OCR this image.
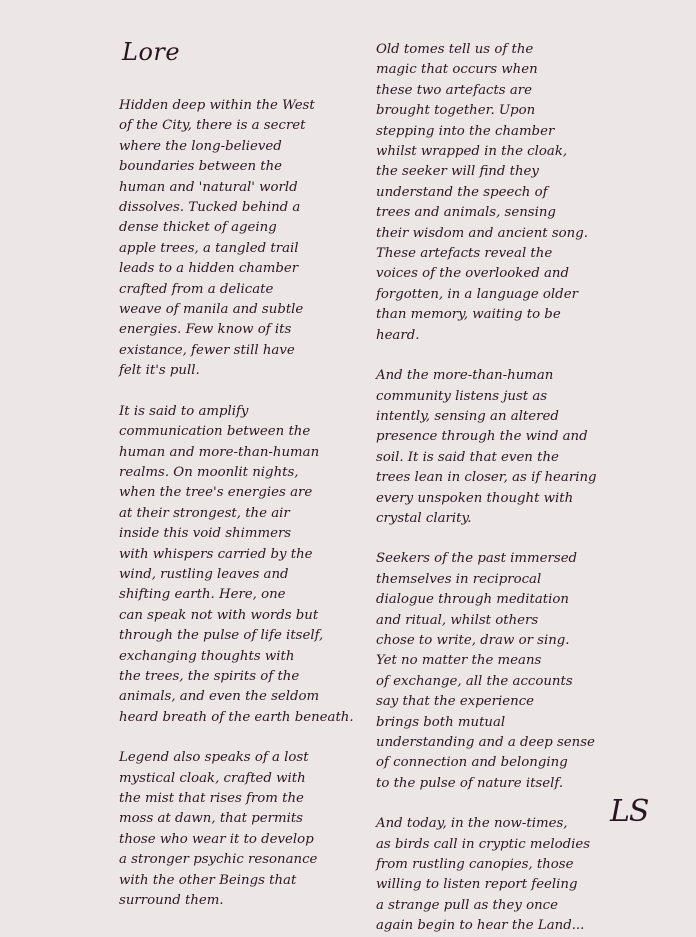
Lore

Hidden deep within the West
of the City, there is a secret
where the long-believed
boundaries between the
human and 'natural' world
dissolves. Tucked behind a
dense thicket of ageing
apple trees, a tangled trail
leads to a hidden chamber
crafted from a delicate
weave of manila and subtle
energies. Few know of its
existance, fewer still have
felt it's pull.

It is said to amplify
communication between the
human and more-than-human
realms. On moonlit nights,
when the tree's energies are
at their strongest, the air
inside this void shimmers
with whispers carried by the
wind, rustling leaves and
shifting earth. Here, one
can speak not with words but
through the pulse of life itself,
exchanging thoughts with
the trees, the spirits of the
animals, and even the seldom
heard breath of the earth beneath.

Legend also speaks of a lost
mystical cloak, crafted with
the mist that rises from the
moss at dawn, that permits
those who wear it to develop
a stronger psychic resonance
with the other Beings that
surround them.

Old tomes tell us of the
magic that occurs when
these two artefacts are
brought together. Upon
stepping into the chamber
whilst wrapped in the cloak,
the seeker will find they
understand the speech of
trees and animals, sensing
their wisdom and ancient song.
These artefacts reveal the
voices of the overlooked and
forgotten, in a language older
than memory, waiting to be
heard.

And the more-than-human
community listens just as
intently, sensing an altered
presence through the wind and
soil. It is said that even the
trees lean in closer, as if hearing
every unspoken thought with
crystal clarity.

Seekers of the past immersed
themselves in reciprocal
dialogue through meditation
and ritual, whilst others
chose to write, draw or sing.
Yet no matter the means
of exchange, all the accounts
say that the experience
brings both mutual
understanding and a deep sense
of connection and belonging
to the pulse of nature itself.

And today, in the now-times,
as birds call in cryptic melodies
from rustling canopies, those
willing to listen report feeling
a strange pull as they once
again begin to hear the Land...

LS
